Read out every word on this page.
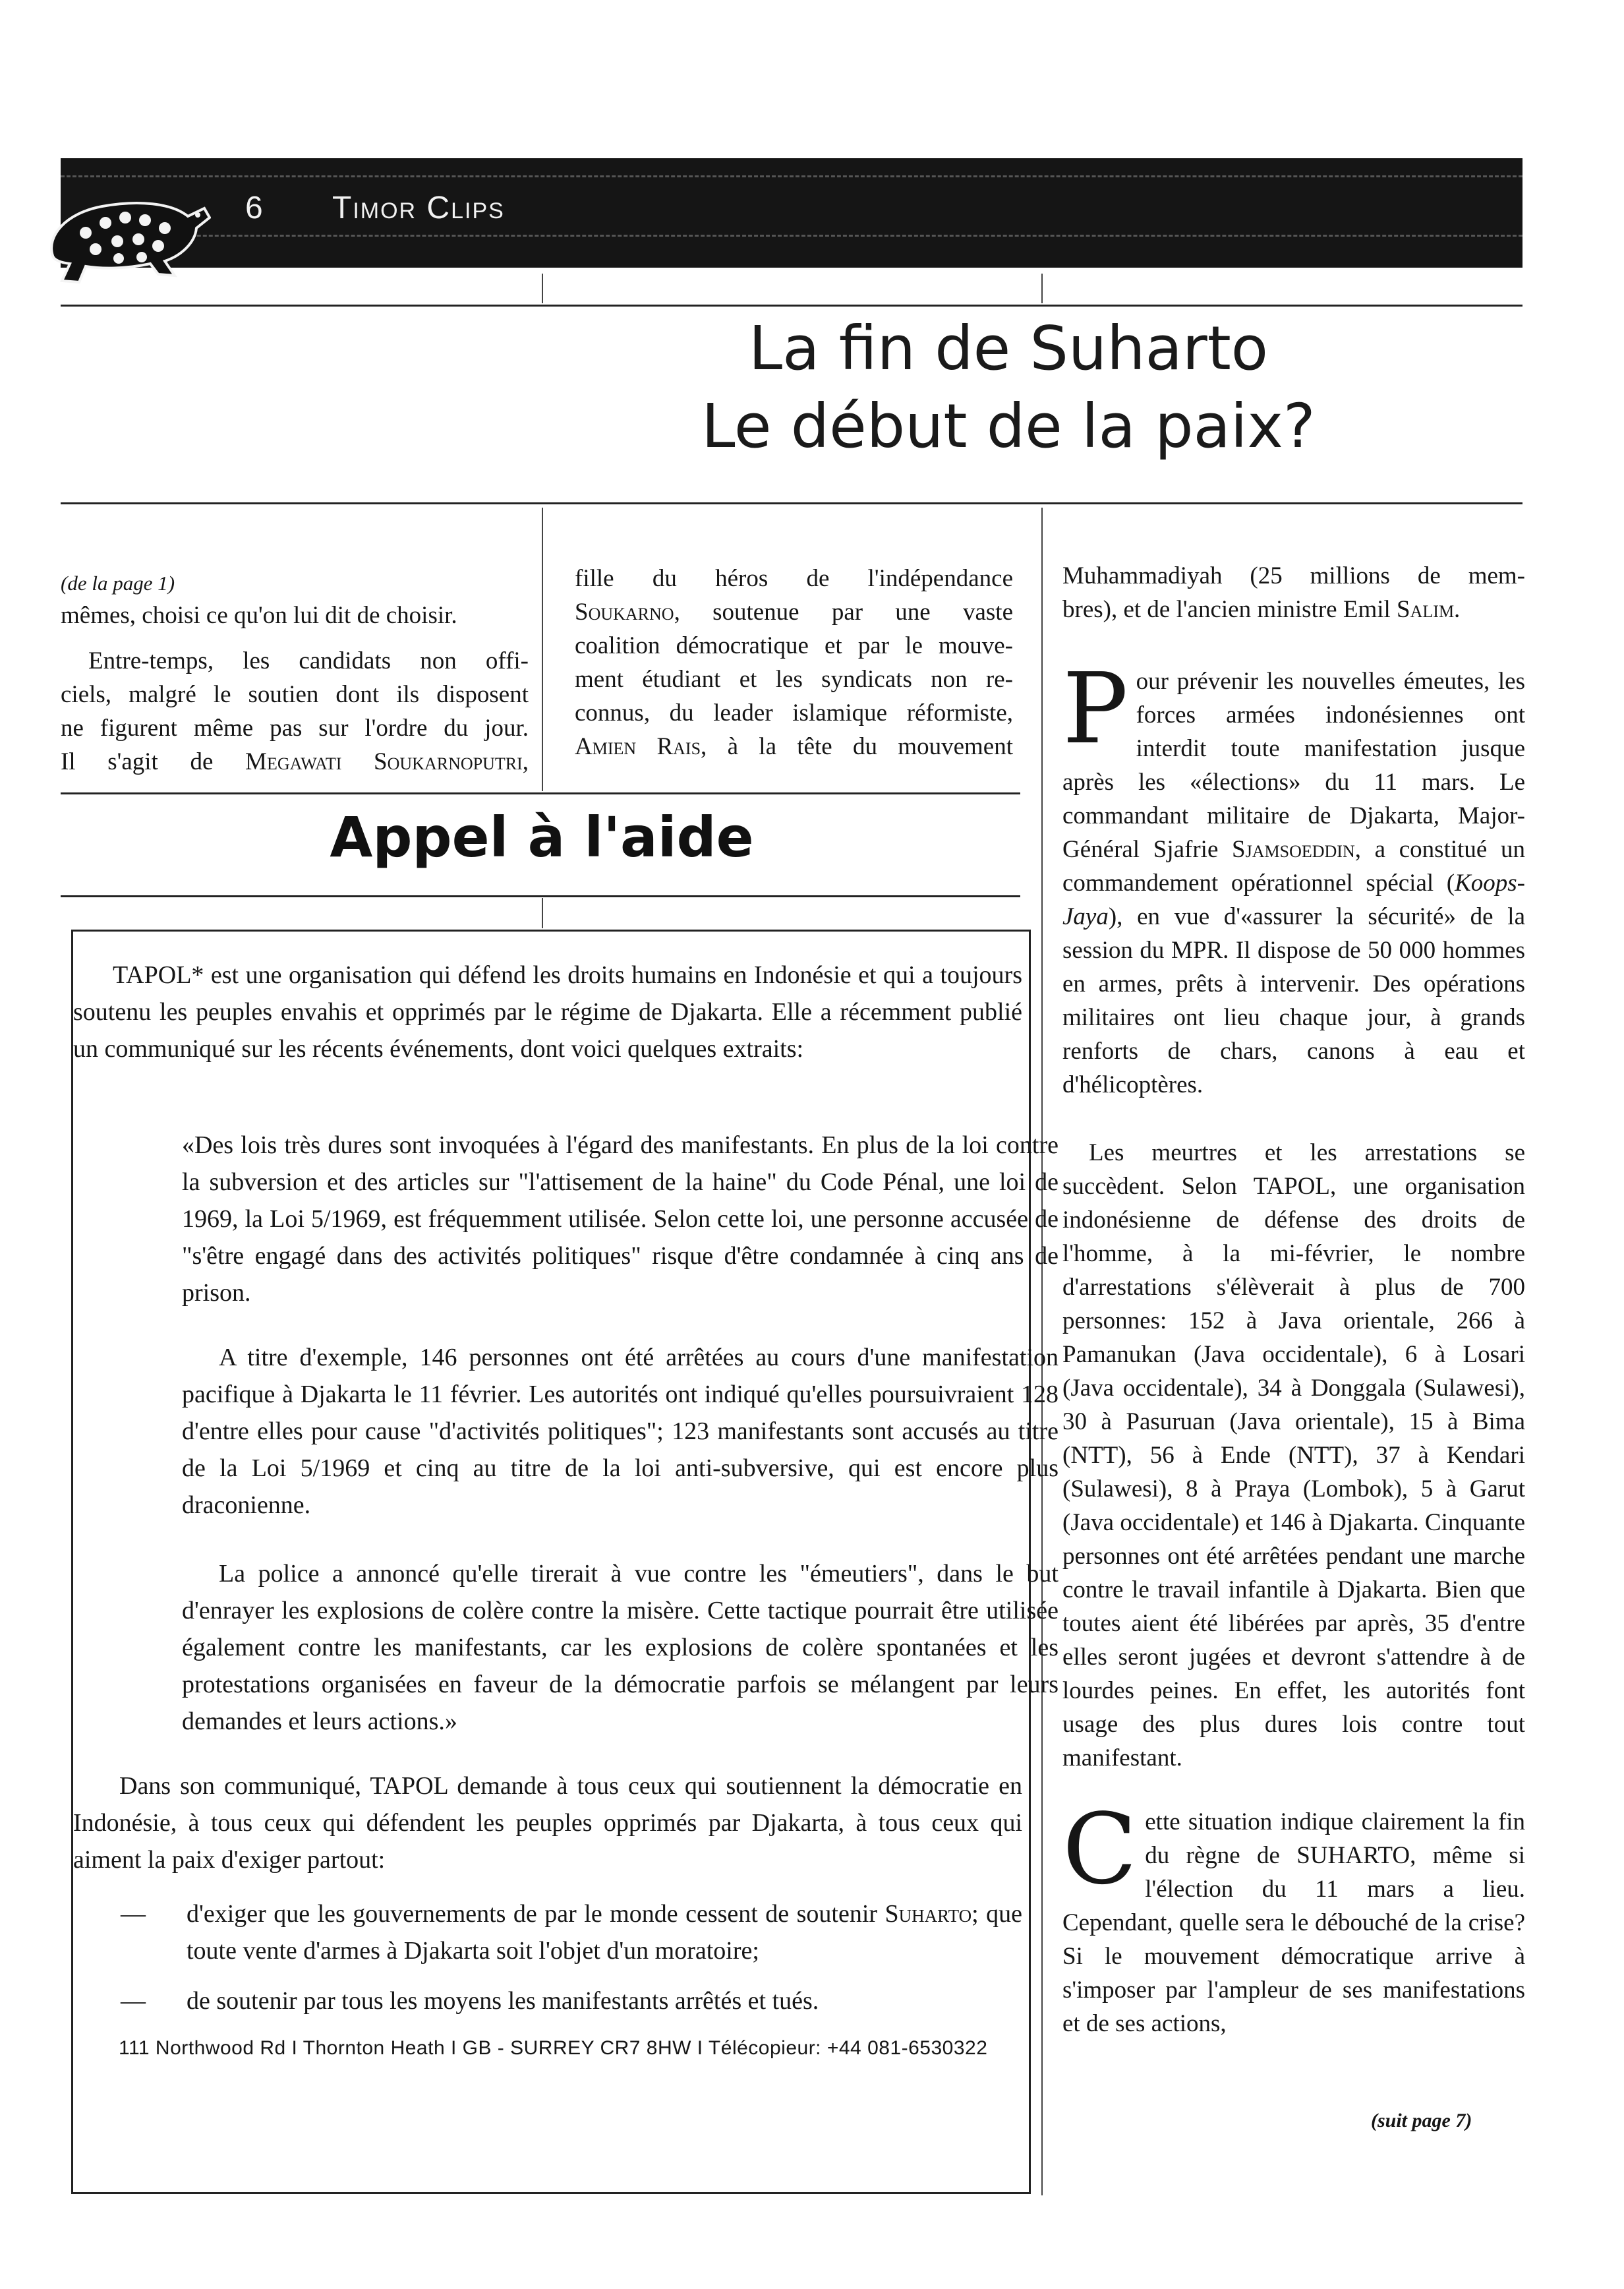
6 Timor Clips
La fin de Suharto
Le début de la paix?
(de la page 1)
mêmes, choisi ce qu'on lui dit de choisir.
Entre-temps, les candidats non offi-
ciels, malgré le soutien dont ils disposent
ne figurent même pas sur l'ordre du jour.
Il s'agit de Megawati Soukarnoputri,
fille du héros de l'indépendance
Soukarno, soutenue par une vaste
coalition démocratique et par le mouve-
ment étudiant et les syndicats non re-
connus, du leader islamique réformiste,
Amien Rais, à la tête du mouvement
Appel à l'aide
TAPOL* est une organisation qui défend les droits humains en Indonésie et qui a toujours soutenu les peuples envahis et opprimés par le régime de Djakarta. Elle a récemment publié un communiqué sur les récents événements, dont voici quelques extraits:
«Des lois très dures sont invoquées à l'égard des manifestants. En plus de la loi contre la subversion et des articles sur "l'attisement de la haine" du Code Pénal, une loi de 1969, la Loi 5/1969, est fréquemment utilisée. Selon cette loi, une personne accusée de "s'être engagé dans des activités politiques" risque d'être condamnée à cinq ans de prison.
A titre d'exemple, 146 personnes ont été arrêtées au cours d'une manifestation pacifique à Djakarta le 11 février. Les autorités ont indiqué qu'elles poursuivraient 128 d'entre elles pour cause "d'activités politiques"; 123 manifestants sont accusés au titre de la Loi 5/1969 et cinq au titre de la loi anti-subversive, qui est encore plus draconienne.
La police a annoncé qu'elle tirerait à vue contre les "émeutiers", dans le but d'enrayer les explosions de colère contre la misère. Cette tactique pourrait être utilisée également contre les manifestants, car les explosions de colère spontanées et les protestations organisées en faveur de la démocratie parfois se mélangent par leurs demandes et leurs actions.»
Dans son communiqué, TAPOL demande à tous ceux qui soutiennent la démocratie en Indonésie, à tous ceux qui défendent les peuples opprimés par Djakarta, à tous ceux qui aiment la paix d'exiger partout:
—	d'exiger que les gouvernements de par le monde cessent de soutenir Suharto; que toute vente d'armes à Djakarta soit l'objet d'un moratoire;
—	de soutenir par tous les moyens les manifestants arrêtés et tués.
111 Northwood Rd I Thornton Heath I GB - SURREY CR7 8HW I Télécopieur: +44 081-6530322
Muhammadiyah (25 millions de mem-
bres), et de l'ancien ministre Emil Salim.
Pour prévenir les nouvelles émeutes, les forces armées indonésiennes ont interdit toute manifestation jusque après les «élections» du 11 mars. Le commandant militaire de Djakarta, Major-Général Sjafrie Sjamsoeddin, a constitué un commandement opérationnel spécial (Koops-Jaya), en vue d'«assurer la sécurité» de la session du MPR. Il dispose de 50 000 hommes en armes, prêts à intervenir. Des opérations militaires ont lieu chaque jour, à grands renforts de chars, canons à eau et d'hélicoptères.
Les meurtres et les arrestations se succèdent. Selon TAPOL, une organisation indonésienne de défense des droits de l'homme, à la mi-février, le nombre d'arrestations s'élèverait à plus de 700 personnes: 152 à Java orientale, 266 à Pamanukan (Java occidentale), 6 à Losari (Java occidentale), 34 à Donggala (Sulawesi), 30 à Pasuruan (Java orientale), 15 à Bima (NTT), 56 à Ende (NTT), 37 à Kendari (Sulawesi), 8 à Praya (Lombok), 5 à Garut (Java occidentale) et 146 à Djakarta. Cinquante personnes ont été arrêtées pendant une marche contre le travail infantile à Djakarta. Bien que toutes aient été libérées par après, 35 d'entre elles seront jugées et devront s'attendre à de lourdes peines. En effet, les autorités font usage des plus dures lois contre tout manifestant.
Cette situation indique clairement la fin du règne de SUHARTO, même si l'élection du 11 mars a lieu. Cependant, quelle sera le débouché de la crise? Si le mouvement démocratique arrive à s'imposer par l'ampleur de ses manifestations et de ses actions,
(suit page 7)
